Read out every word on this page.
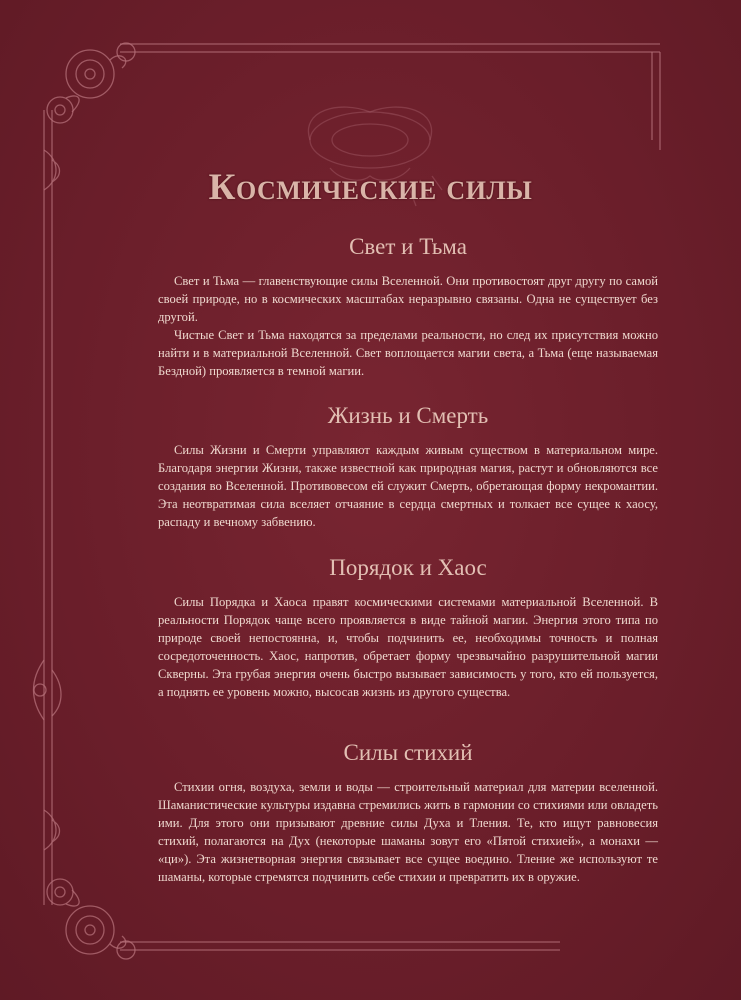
Космические силы
Свет и Тьма

Свет и Тьма — главенствующие силы Вселенной. Они противостоят друг другу по самой своей природе, но в космических масштабах неразрывно связаны. Одна не существует без другой.

Чистые Свет и Тьма находятся за пределами реальности, но след их присутствия можно найти и в материальной Вселенной. Свет воплощается магии света, а Тьма (еще называемая Бездной) проявляется в темной магии.

Жизнь и Смерть

Силы Жизни и Смерти управляют каждым живым существом в материальном мире. Благодаря энергии Жизни, также известной как природная магия, растут и обновляются все создания во Вселенной. Противовесом ей служит Смерть, обретающая форму некромантии. Эта неотвратимая сила вселяет отчаяние в сердца смертных и толкает все сущее к хаосу, распаду и вечному забвению.

Порядок и Хаос

Силы Порядка и Хаоса правят космическими системами материальной Вселенной. В реальности Порядок чаще всего проявляется в виде тайной магии. Энергия этого типа по природе своей непостоянна, и, чтобы подчинить ее, необходимы точность и полная сосредоточенность. Хаос, напротив, обретает форму чрезвычайно разрушительной магии Скверны. Эта грубая энергия очень быстро вызывает зависимость у того, кто ей пользуется, а поднять ее уровень можно, высосав жизнь из другого существа.

Силы стихий

Стихии огня, воздуха, земли и воды — строительный материал для материи вселенной. Шаманистические культуры издавна стремились жить в гармонии со стихиями или овладеть ими. Для этого они призывают древние силы Духа и Тления. Те, кто ищут равновесия стихий, полагаются на Дух (некоторые шаманы зовут его «Пятой стихией», а монахи — «ци»). Эта жизнетворная энергия связывает все сущее воедино. Тление же используют те шаманы, которые стремятся подчинить себе стихии и превратить их в оружие.
